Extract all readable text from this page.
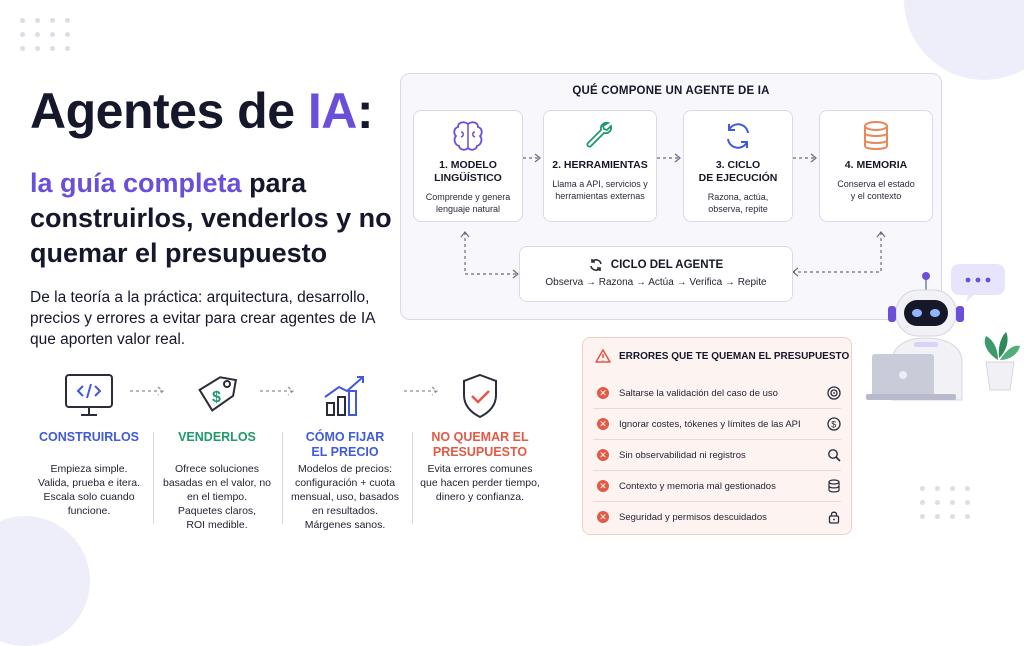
Agentes de IA:
la guía completa para construirlos, venderlos y no quemar el presupuesto
De la teoría a la práctica: arquitectura, desarrollo, precios y errores a evitar para crear agentes de IA que aporten valor real.
CONSTRUIRLOS
Empieza simple.
Valida, prueba e itera.
Escala solo cuando
funcione.
$
VENDERLOS
Ofrece soluciones
basadas en el valor, no
en el tiempo.
Paquetes claros,
ROI medible.
CÓMO FIJAR
EL PRECIO
Modelos de precios:
configuración + cuota
mensual, uso, basados
en resultados.
Márgenes sanos.
NO QUEMAR EL
PRESUPUESTO
Evita errores comunes
que hacen perder tiempo,
dinero y confianza.
QUÉ COMPONE UN AGENTE DE IA
1. MODELO
LINGÜÍSTICO
Comprende y genera
lenguaje natural
2. HERRAMIENTAS
Llama a API, servicios y
herramientas externas
3. CICLO
DE EJECUCIÓN
Razona, actúa,
observa, repite
4. MEMORIA
Conserva el estado
y el contexto
CICLO DEL AGENTE
Observa → Razona → Actúa → Verifica → Repite
ERRORES QUE TE QUEMAN EL PRESUPUESTO
✕ Saltarse la validación del caso de uso
✕ Ignorar costes, tókenes y límites de las API	$
✕ Sin observabilidad ni registros
✕ Contexto y memoria mal gestionados
✕ Seguridad y permisos descuidados
